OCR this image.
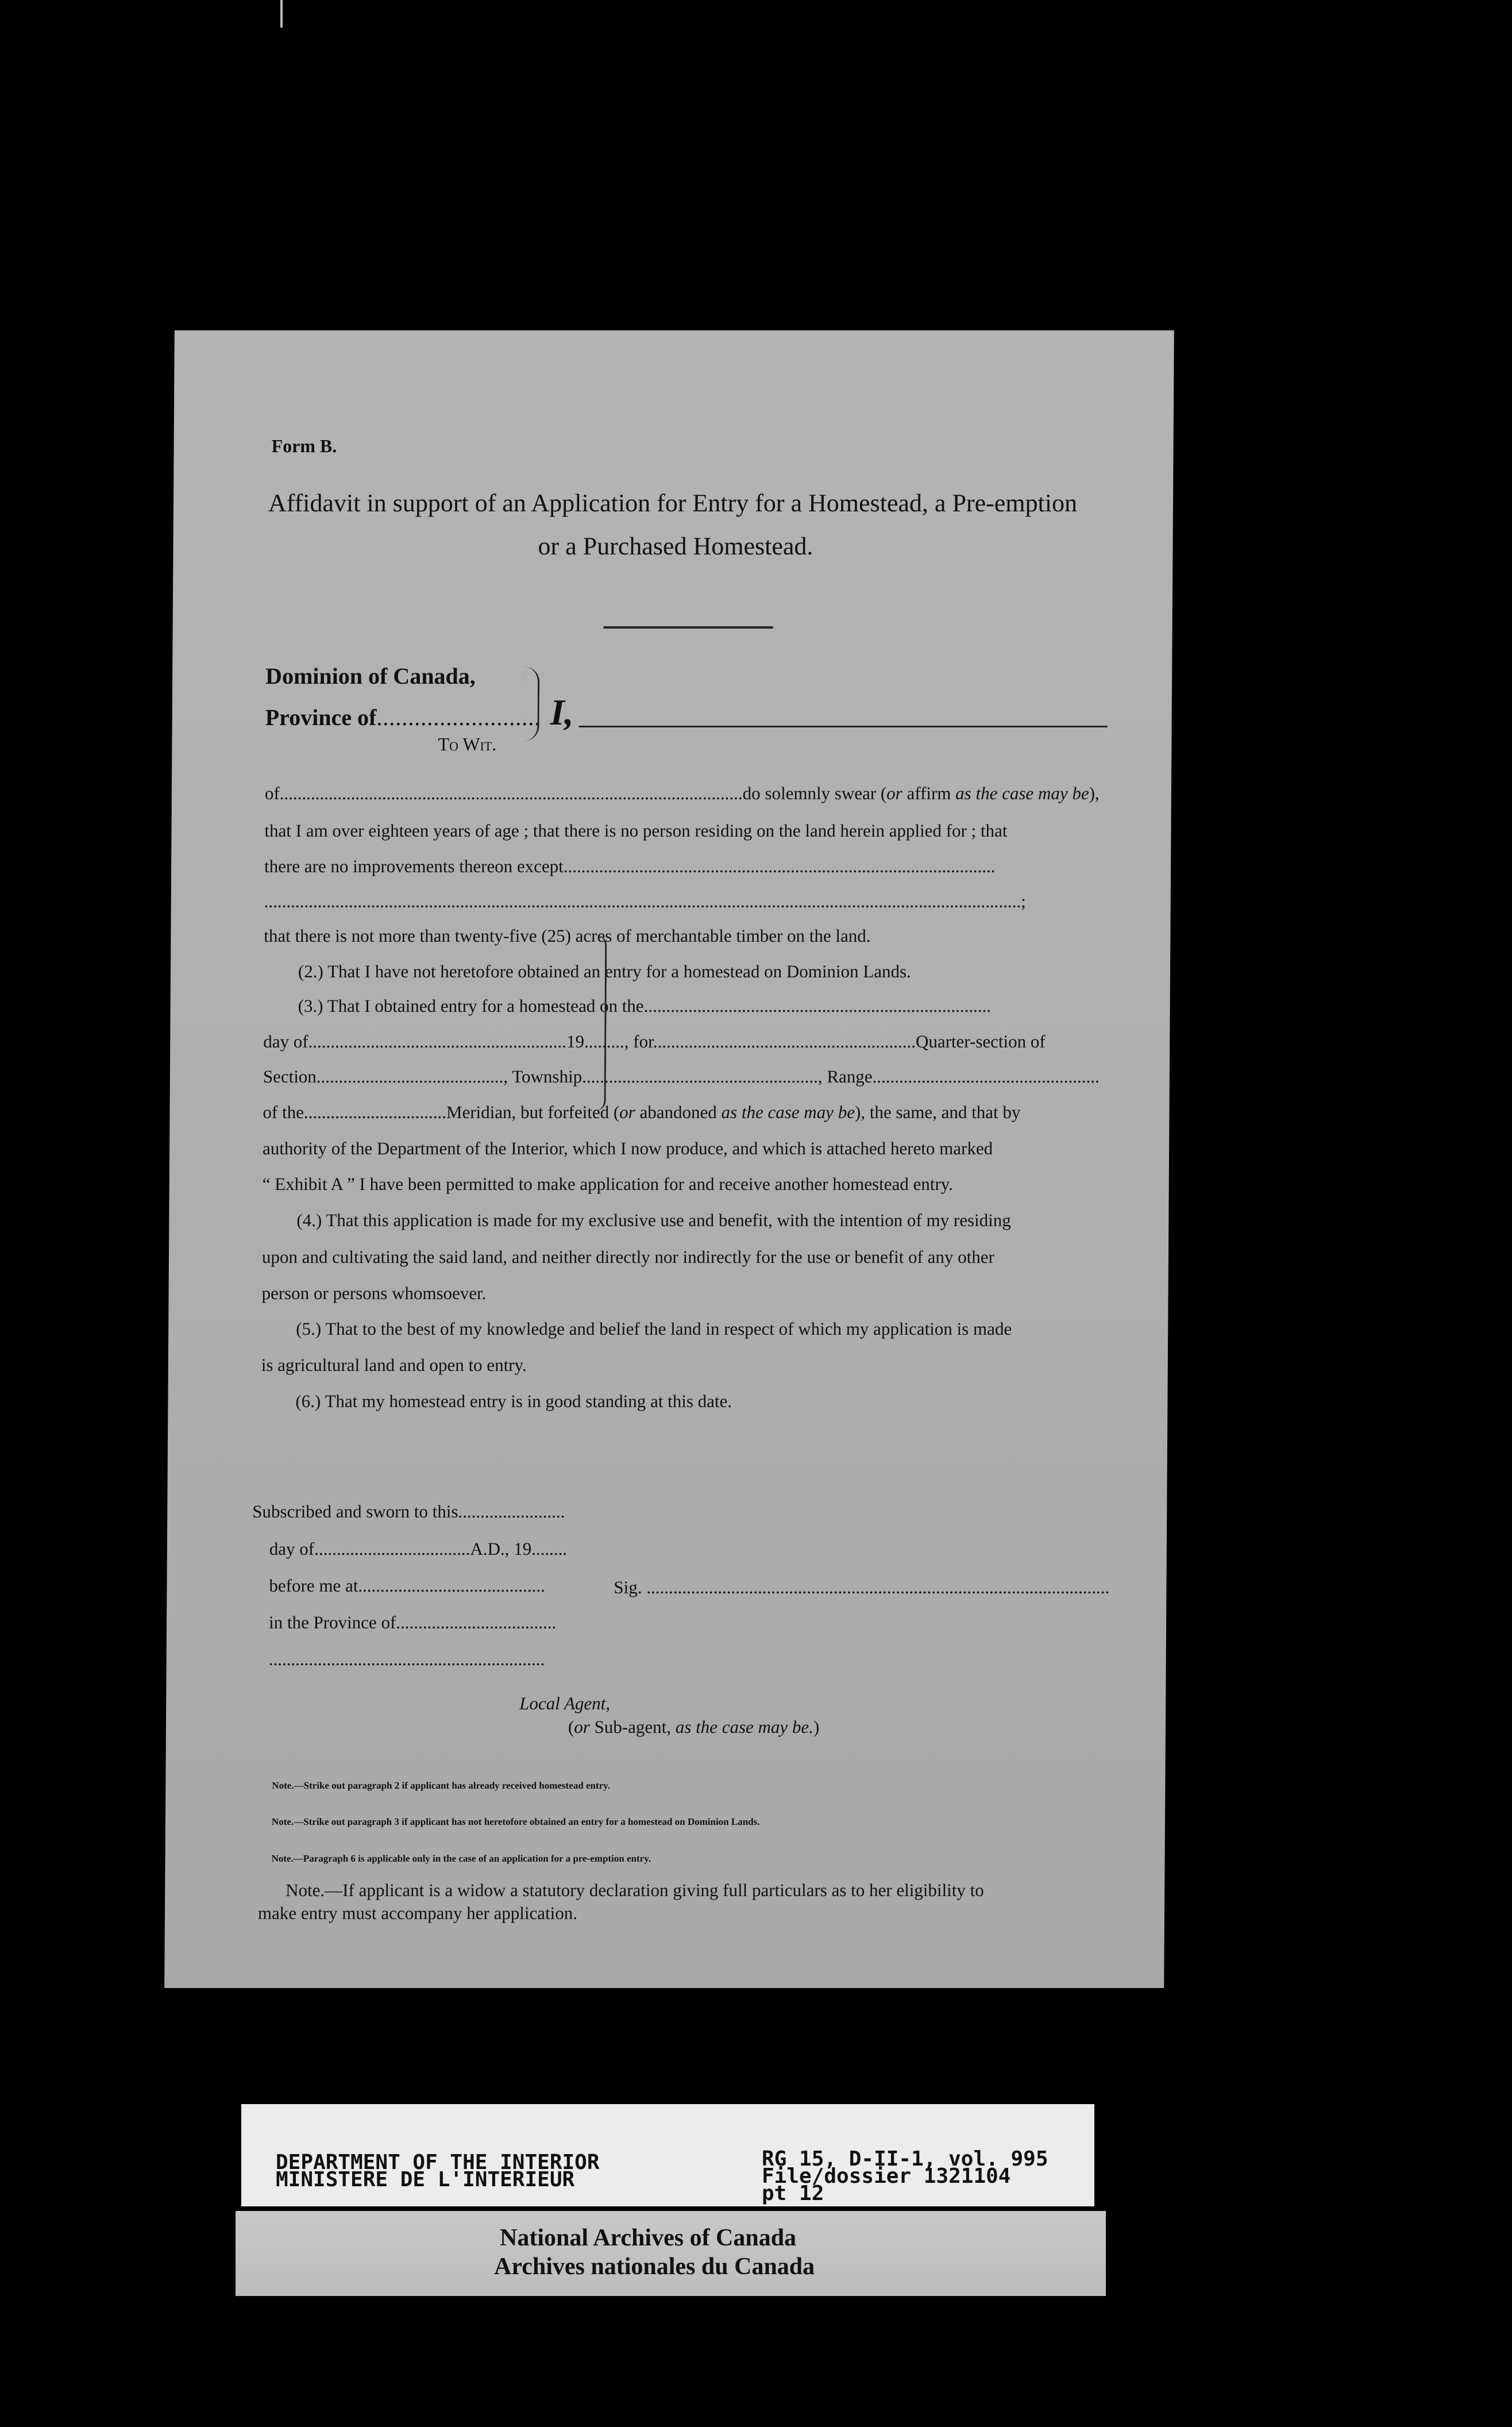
Form B.
Affidavit in support of an Application for Entry for a Homestead, a Pre-emption
or a Purchased Homestead.
Dominion of Canada,
Province of..........................
To Wit.
I,
of........................................................................................................do solemnly swear (or affirm as the case may be),
that I am over eighteen years of age ; that there is no person residing on the land herein applied for ; that
there are no improvements thereon except.................................................................................................
..........................................................................................................................................................................;
that there is not more than twenty-five (25) acres of merchantable timber on the land.
(2.) That I have not heretofore obtained an entry for a homestead on Dominion Lands.
(3.) That I obtained entry for a homestead on the..............................................................................
day of..........................................................19........., for...........................................................Quarter-section of
Section.........................................., Township....................................................., Range...................................................
of the................................Meridian, but forfeited (or abandoned as the case may be), the same, and that by
authority of the Department of the Interior, which I now produce, and which is attached hereto marked
“ Exhibit A ” I have been permitted to make application for and receive another homestead entry.
(4.) That this application is made for my exclusive use and benefit, with the intention of my residing
upon and cultivating the said land, and neither directly nor indirectly for the use or benefit of any other
person or persons whomsoever.
(5.) That to the best of my knowledge and belief the land in respect of which my application is made
is agricultural land and open to entry.
(6.) That my homestead entry is in good standing at this date.
Subscribed and sworn to this........................
day of...................................A.D., 19........
before me at..........................................
in the Province of....................................
..............................................................
Sig. ........................................................................................................
Local Agent,
(or Sub-agent, as the case may be.)
Note.—Strike out paragraph 2 if applicant has already received homestead entry.
Note.—Strike out paragraph 3 if applicant has not heretofore obtained an entry for a homestead on Dominion Lands.
Note.—Paragraph 6 is applicable only in the case of an application for a pre-emption entry.
Note.—If applicant is a widow a statutory declaration giving full particulars as to her eligibility to
make entry must accompany her application.
DEPARTMENT OF THE INTERIOR
MINISTERE DE L'INTERIEUR
RG 15, D-II-1, vol. 995
File/dossier 1321104
pt 12
National Archives of Canada
Archives nationales du Canada
